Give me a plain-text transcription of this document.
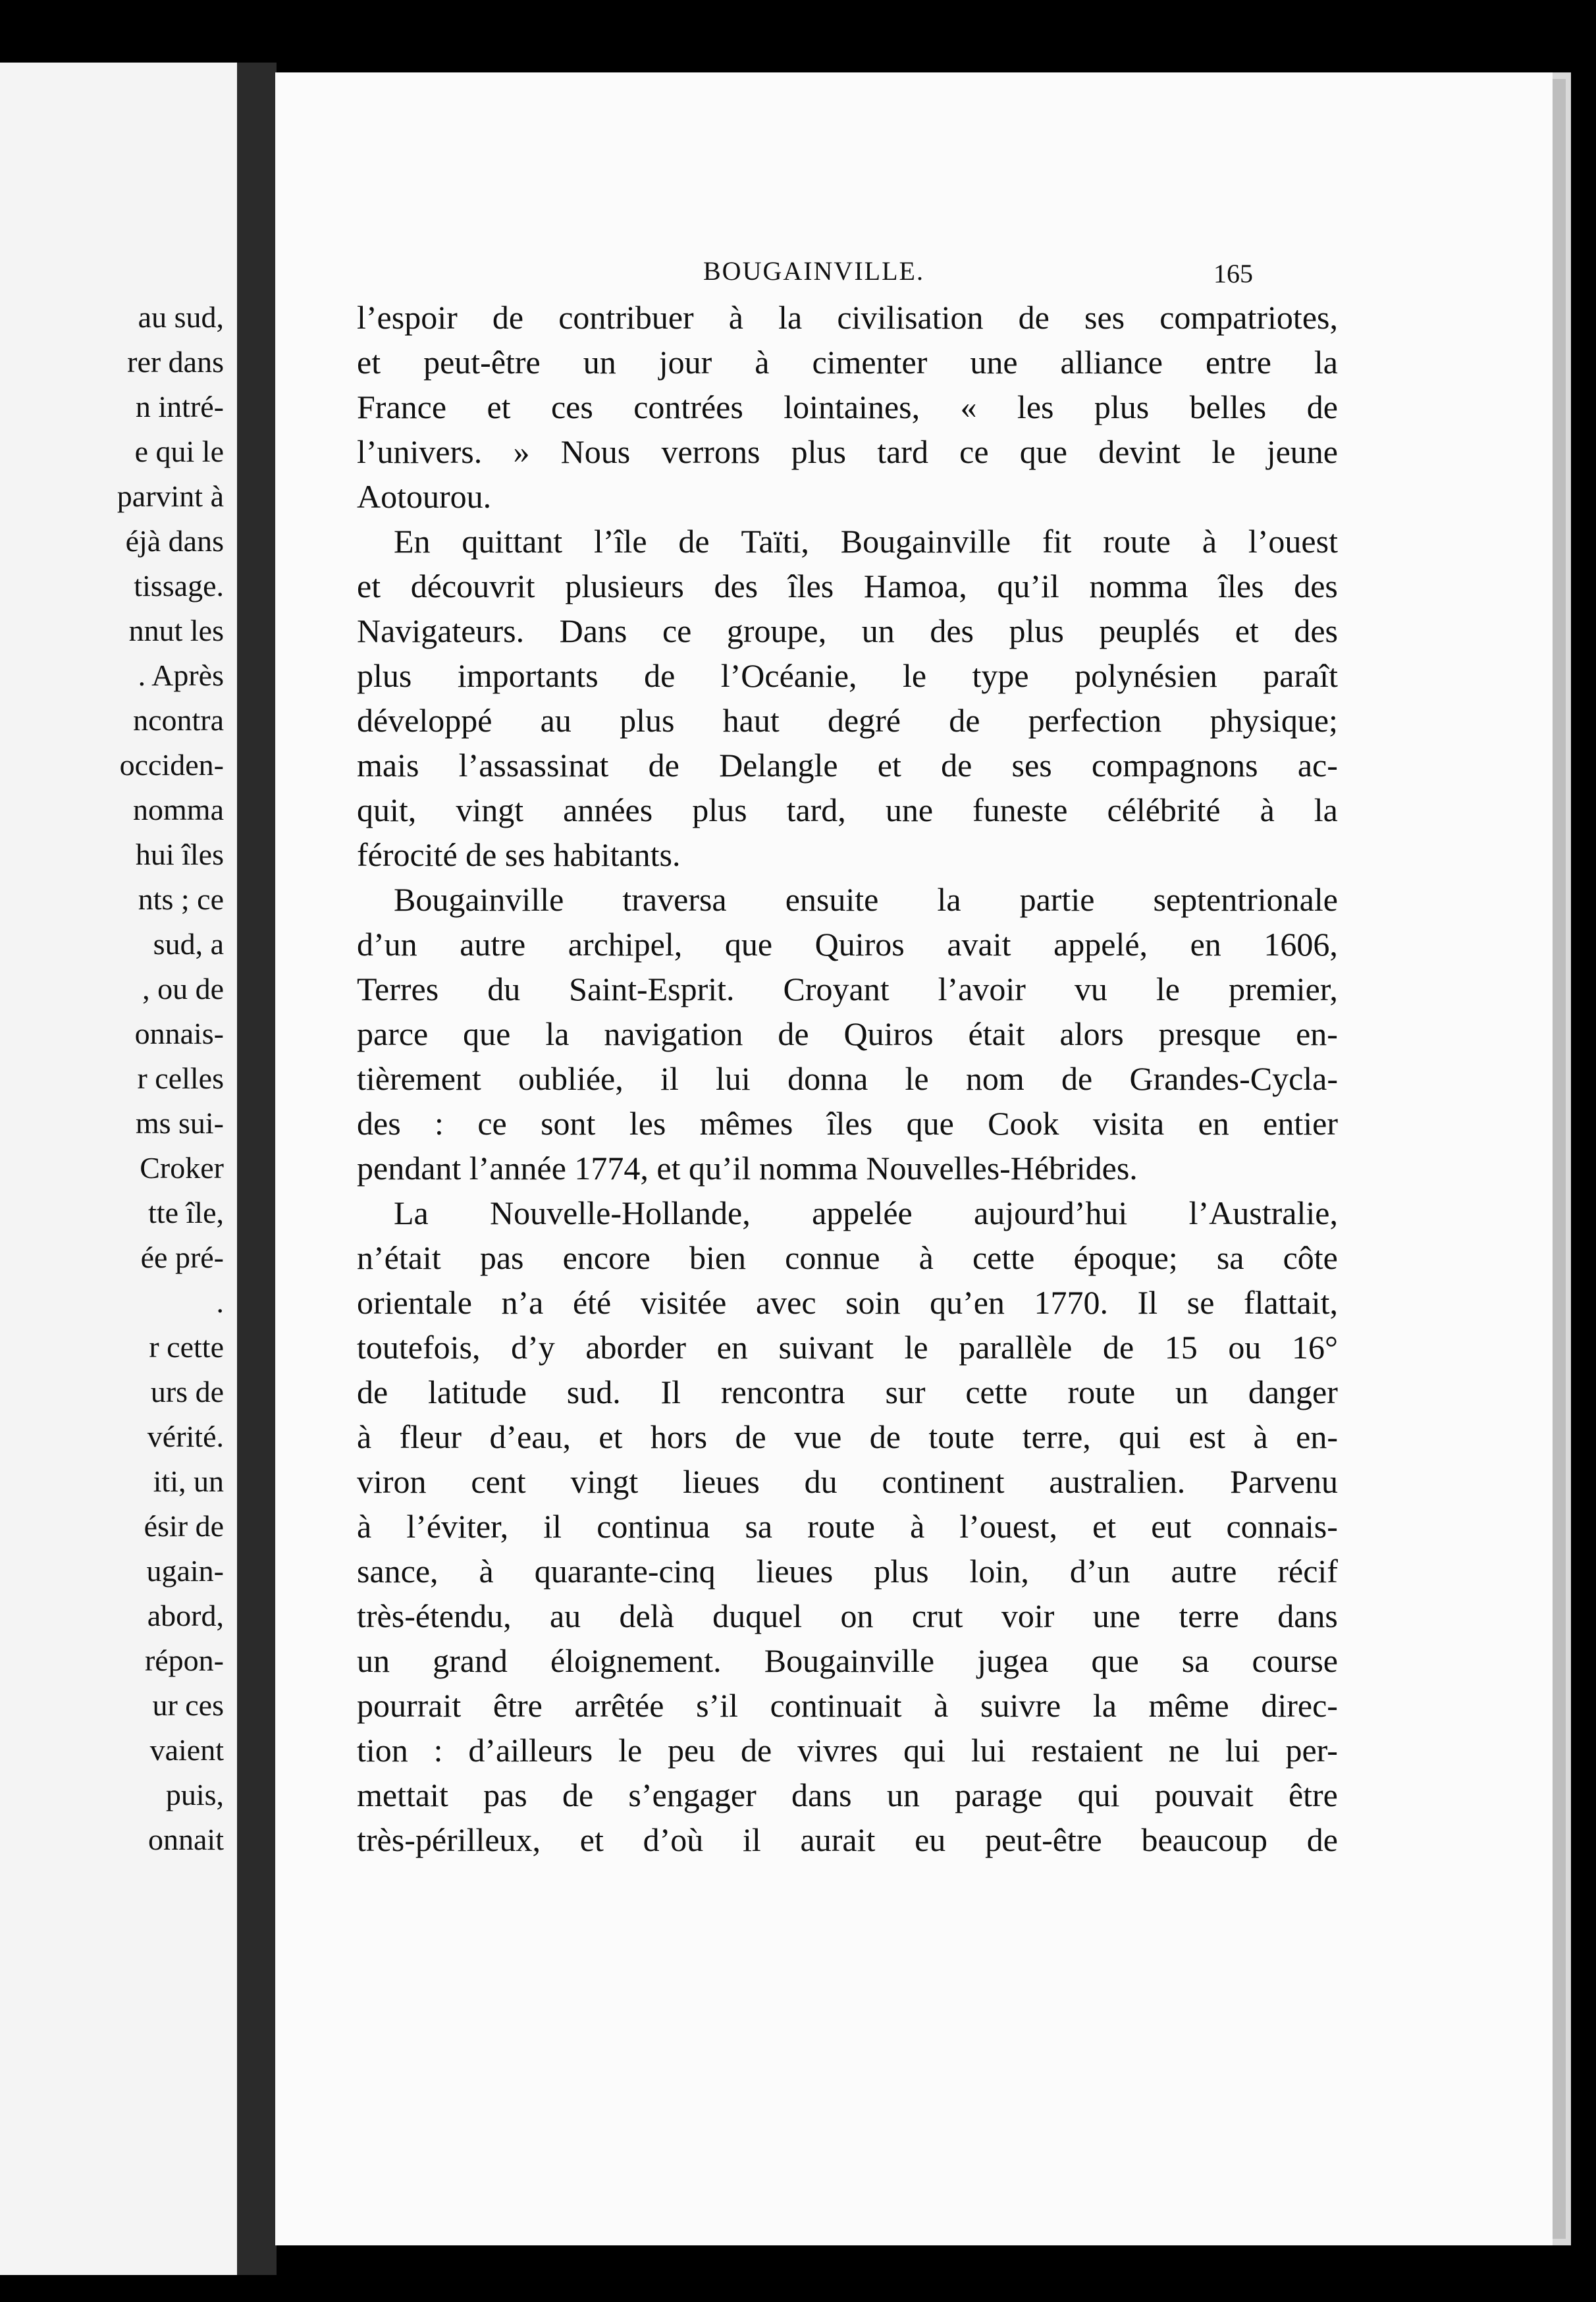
au sud,
rer dans
n intré-
e qui le
parvint à
éjà dans
tissage.
nnut les
. Après
ncontra
occiden-
nomma
hui îles
nts ; ce
sud, a
, ou de
onnais-
r celles
ms sui-
Croker
tte île,
ée pré-
.
r cette
urs de
vérité.
iti, un
ésir de
ugain-
abord,
répon-
ur ces
vaient
puis,
onnait
BOUGAINVILLE.	165
l’espoir de contribuer à la civilisation de ses compatriotes,
et peut-être un jour à cimenter une alliance entre la
France et ces contrées lointaines, « les plus belles de
l’univers. » Nous verrons plus tard ce que devint le jeune
Aotourou.
En quittant l’île de Taïti, Bougainville fit route à l’ouest
et découvrit plusieurs des îles Hamoa, qu’il nomma îles des
Navigateurs. Dans ce groupe, un des plus peuplés et des
plus importants de l’Océanie, le type polynésien paraît
développé au plus haut degré de perfection physique;
mais l’assassinat de Delangle et de ses compagnons ac-
quit, vingt années plus tard, une funeste célébrité à la
férocité de ses habitants.
Bougainville traversa ensuite la partie septentrionale
d’un autre archipel, que Quiros avait appelé, en 1606,
Terres du Saint-Esprit. Croyant l’avoir vu le premier,
parce que la navigation de Quiros était alors presque en-
tièrement oubliée, il lui donna le nom de Grandes-Cycla-
des : ce sont les mêmes îles que Cook visita en entier
pendant l’année 1774, et qu’il nomma Nouvelles-Hébrides.
La Nouvelle-Hollande, appelée aujourd’hui l’Australie,
n’était pas encore bien connue à cette époque; sa côte
orientale n’a été visitée avec soin qu’en 1770. Il se flattait,
toutefois, d’y aborder en suivant le parallèle de 15 ou 16°
de latitude sud. Il rencontra sur cette route un danger
à fleur d’eau, et hors de vue de toute terre, qui est à en-
viron cent vingt lieues du continent australien. Parvenu
à l’éviter, il continua sa route à l’ouest, et eut connais-
sance, à quarante-cinq lieues plus loin, d’un autre récif
très-étendu, au delà duquel on crut voir une terre dans
un grand éloignement. Bougainville jugea que sa course
pourrait être arrêtée s’il continuait à suivre la même direc-
tion : d’ailleurs le peu de vivres qui lui restaient ne lui per-
mettait pas de s’engager dans un parage qui pouvait être
très-périlleux, et d’où il aurait eu peut-être beaucoup de
